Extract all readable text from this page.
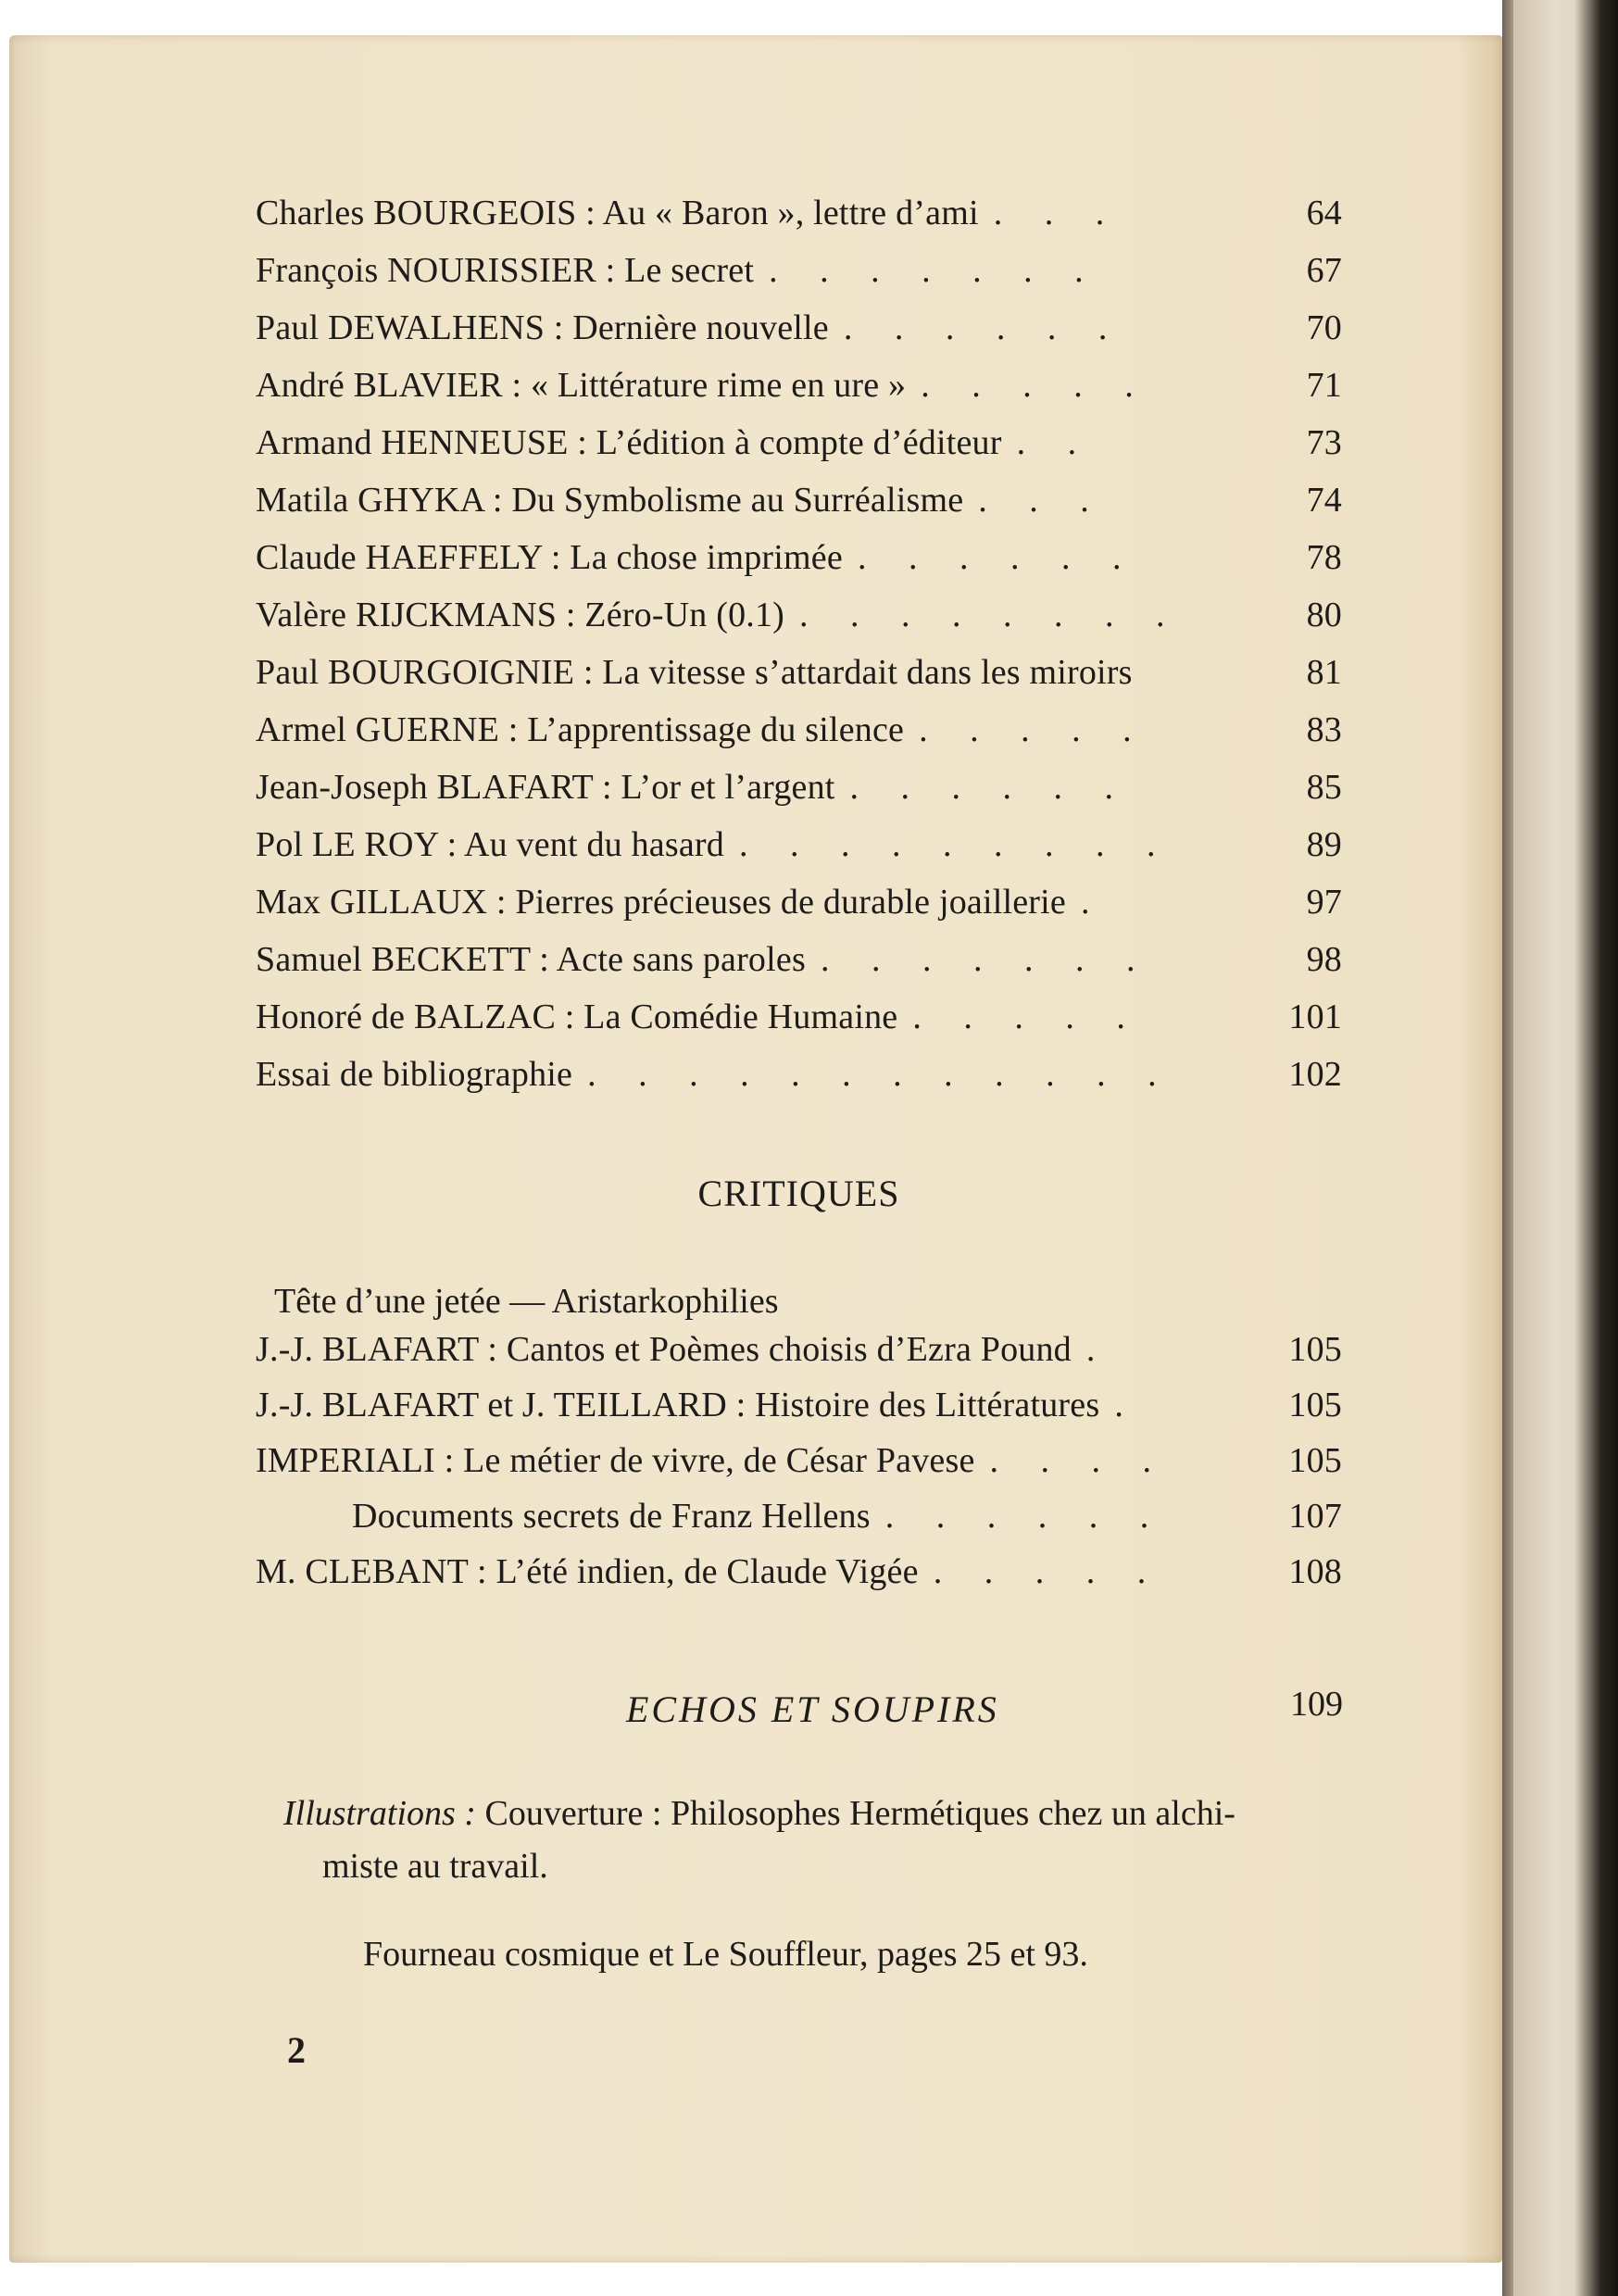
Charles BOURGEOIS : Au « Baron », lettre d’ami . . .	64
François NOURISSIER : Le secret . . . . . . .	67
Paul DEWALHENS : Dernière nouvelle . . . . . .	70
André BLAVIER : « Littérature rime en ure » . . . . .	71
Armand HENNEUSE : L’édition à compte d’éditeur . .	73
Matila GHYKA : Du Symbolisme au Surréalisme . . .	74
Claude HAEFFELY : La chose imprimée . . . . . .	78
Valère RIJCKMANS : Zéro-Un (0.1) . . . . . . . .	80
Paul BOURGOIGNIE : La vitesse s’attardait dans les miroirs	81
Armel GUERNE : L’apprentissage du silence . . . . .	83
Jean-Joseph BLAFART : L’or et l’argent . . . . . .	85
Pol LE ROY : Au vent du hasard . . . . . . . . .	89
Max GILLAUX : Pierres précieuses de durable joaillerie .	97
Samuel BECKETT : Acte sans paroles . . . . . . .	98
Honoré de BALZAC : La Comédie Humaine . . . . .	101
Essai de bibliographie . . . . . . . . . . . .	102
CRITIQUES
Tête d’une jetée — Aristarkophilies
J.-J. BLAFART : Cantos et Poèmes choisis d’Ezra Pound .	105
J.-J. BLAFART et J. TEILLARD : Histoire des Littératures .	105
IMPERIALI : Le métier de vivre, de César Pavese . . . .	105
Documents secrets de Franz Hellens . . . . . .	107
M. CLEBANT : L’été indien, de Claude Vigée . . . . .	108
ECHOS ET SOUPIRS	109
Illustrations : Couverture : Philosophes Hermétiques chez un alchi-
miste au travail.
Fourneau cosmique et Le Souffleur, pages 25 et 93.
2
